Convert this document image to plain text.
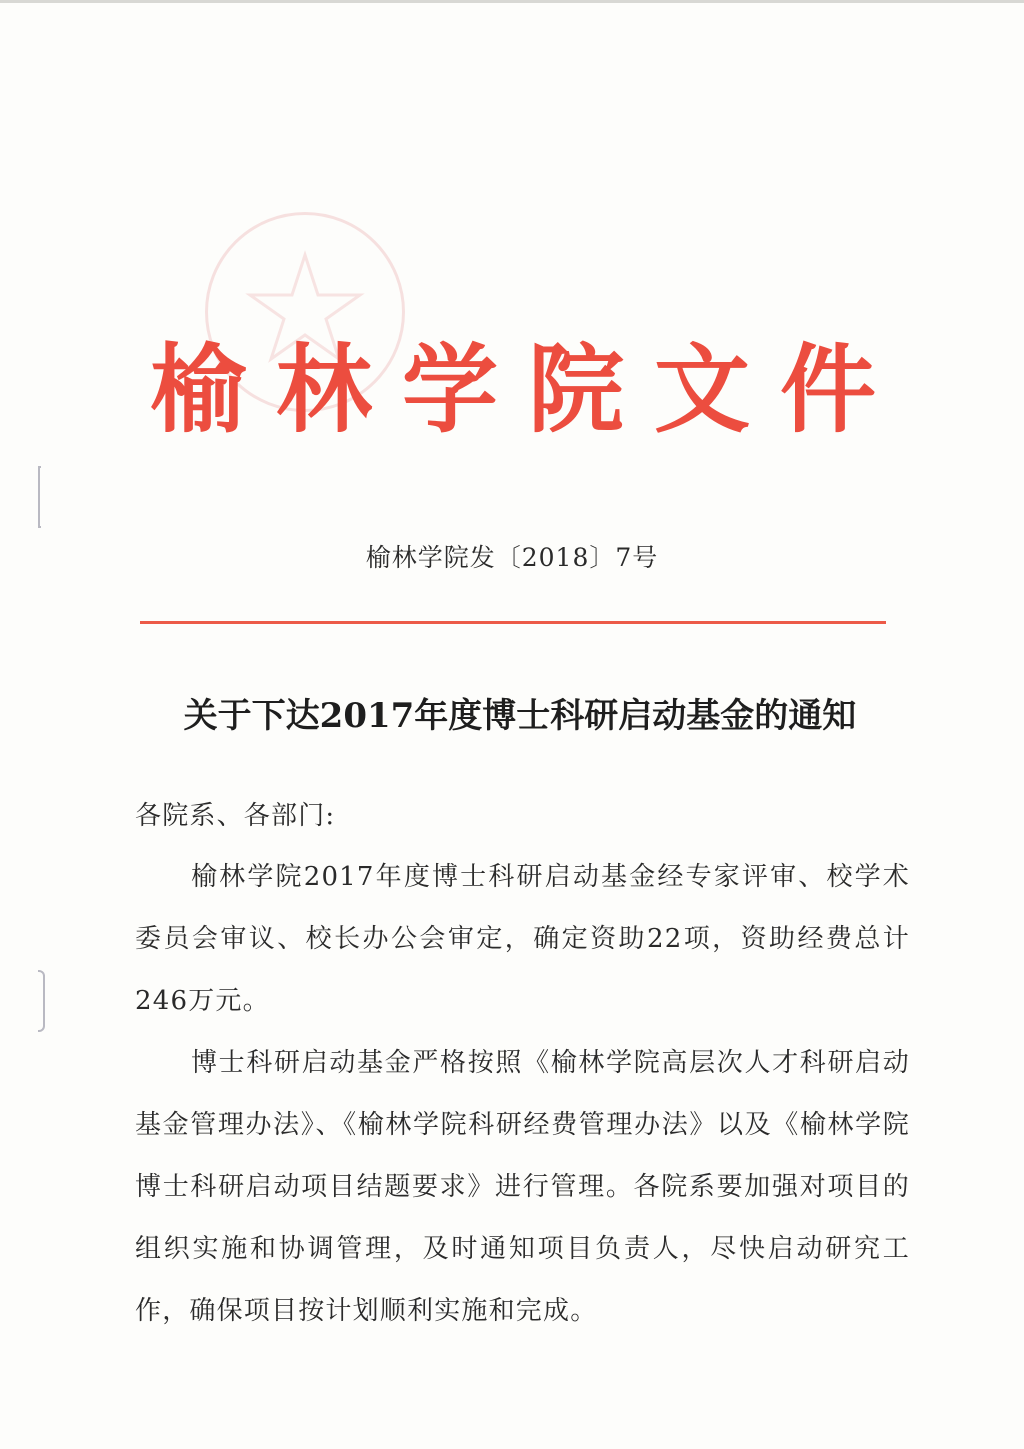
榆林学院文件
榆林学院发〔2018〕7号
关于下达2017年度博士科研启动基金的通知

各院系、各部门:

榆林学院2017年度博士科研启动基金经专家评审、校学术委员会审议、校长办公会审定，确定资助22项，资助经费总计246万元。

博士科研启动基金严格按照《榆林学院高层次人才科研启动基金管理办法》、《榆林学院科研经费管理办法》以及《榆林学院博士科研启动项目结题要求》进行管理。各院系要加强对项目的组织实施和协调管理，及时通知项目负责人，尽快启动研究工作，确保项目按计划顺利实施和完成。
